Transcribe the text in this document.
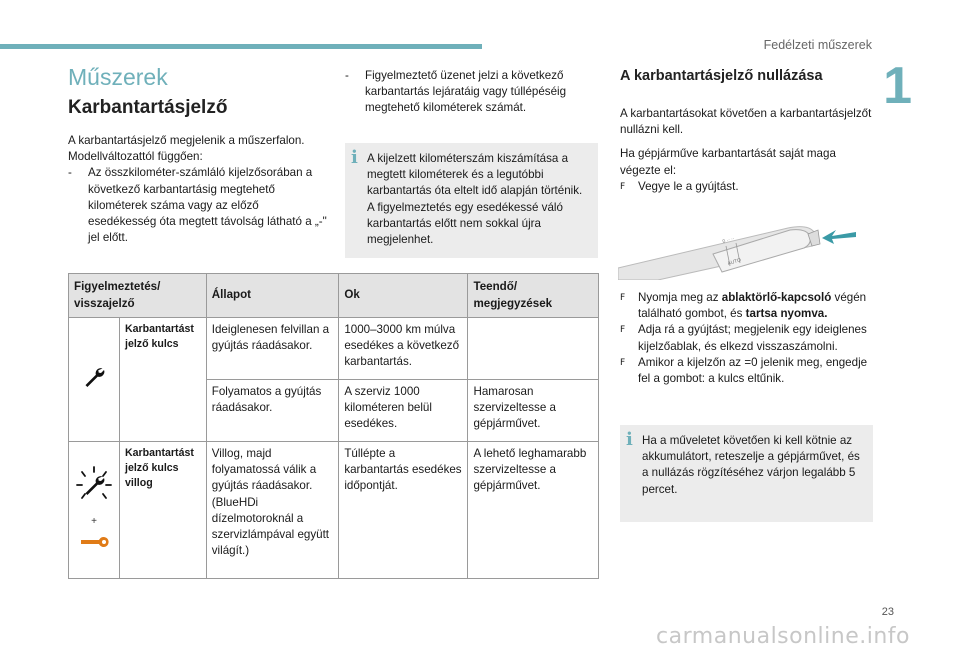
Fedélzeti műszerek
1
Műszerek
Karbantartásjelző
A karbantartásjelző megjelenik a műszerfalon.
Modellváltozattól függően:
-	Az összkilométer-számláló kijelzősorában a következő karbantartásig megtehető kilométerek száma vagy az előző esedékesség óta megtett távolság látható a „-" jel előtt.
-	Figyelmeztető üzenet jelzi a következő karbantartás lejáratáig vagy túllépéséig megtehető kilométerek számát.
i A kijelzett kilométerszám kiszámítása a megtett kilométerek és a legutóbbi karbantartás óta eltelt idő alapján történik. A figyelmeztetés egy esedékessé váló karbantartás előtt nem sokkal újra megjelenhet.
Figyelmeztetés/ visszajelző		Állapot	Ok	Teendő/ megjegyzések
	Karbantartást jelző kulcs	Ideiglenesen felvillan a gyújtás ráadásakor.	1000–3000 km múlva esedékes a következő karbantartás.	
		Folyamatos a gyújtás ráadásakor.	A szerviz 1000 kilométeren belül esedékes.	Hamarosan szervizeltesse a gépjárművet.

+	Karbantartást jelző kulcs villog	Villog, majd folyamatossá válik a gyújtás ráadásakor. (BlueHDi dízelmotoroknál a szervizlámpával együtt világít.)	Túllépte a karbantartás esedékes időpontját.	A lehető leghamarabb szervizeltesse a gépjárművet.
A karbantartásjelző nullázása

A karbantartásokat követően a karbantartásjelzőt nullázni kell.

Ha gépjárműve karbantartását saját maga végezte el:

F	Vegye le a gyújtást.
0 ·· ··
AUTO
F	Nyomja meg az ablaktörlő-kapcsoló végén található gombot, és tartsa nyomva.
F	Adja rá a gyújtást; megjelenik egy ideiglenes kijelzőablak, és elkezd visszaszámolni.
F	Amikor a kijelzőn az =0 jelenik meg, engedje fel a gombot: a kulcs eltűnik.
i Ha a műveletet követően ki kell kötnie az akkumulátort, reteszelje a gépjárművet, és a nullázás rögzítéséhez várjon legalább 5 percet.
23
carmanualsonline.info
